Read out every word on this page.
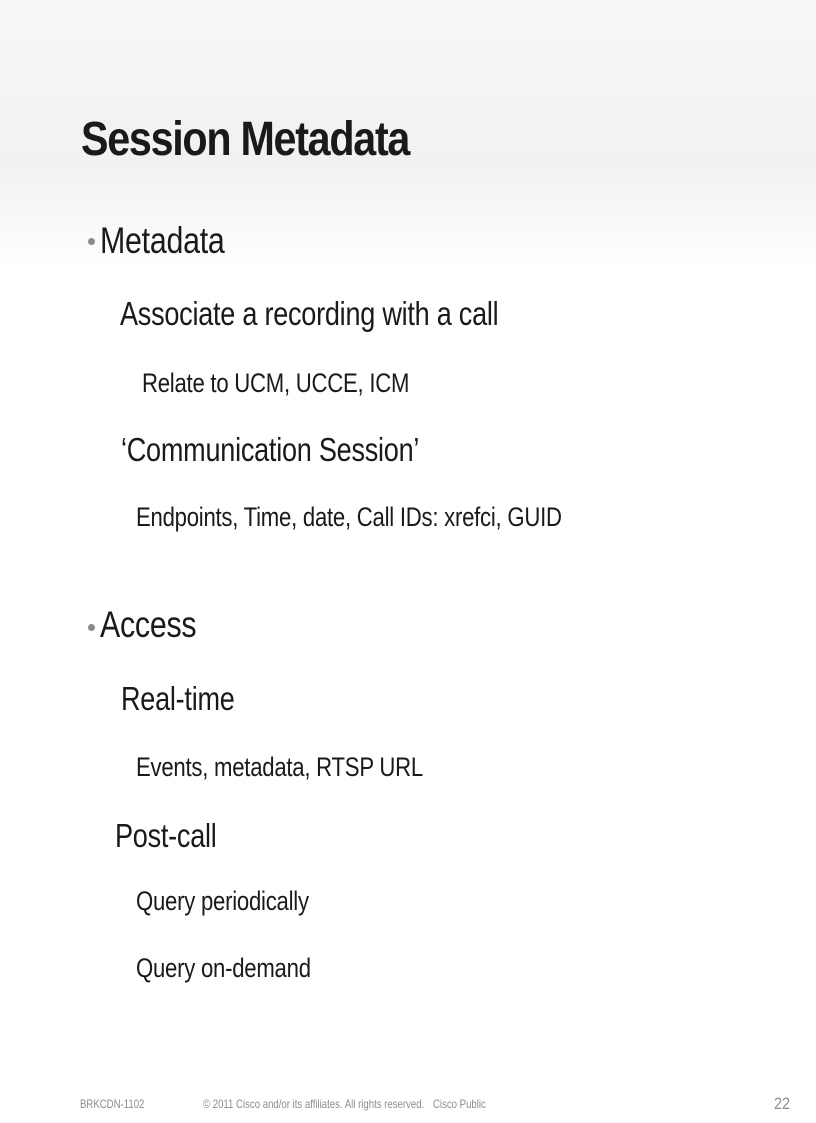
Session Metadata

Metadata

Associate a recording with a call

Relate to UCM, UCCE, ICM

‘Communication Session’

Endpoints, Time, date, Call IDs: xrefci, GUID

Access

Real-time

Events, metadata, RTSP URL

Post-call

Query periodically

Query on-demand

BRKCDN-1102	© 2011 Cisco and/or its affiliates. All rights reserved. Cisco Public	22
